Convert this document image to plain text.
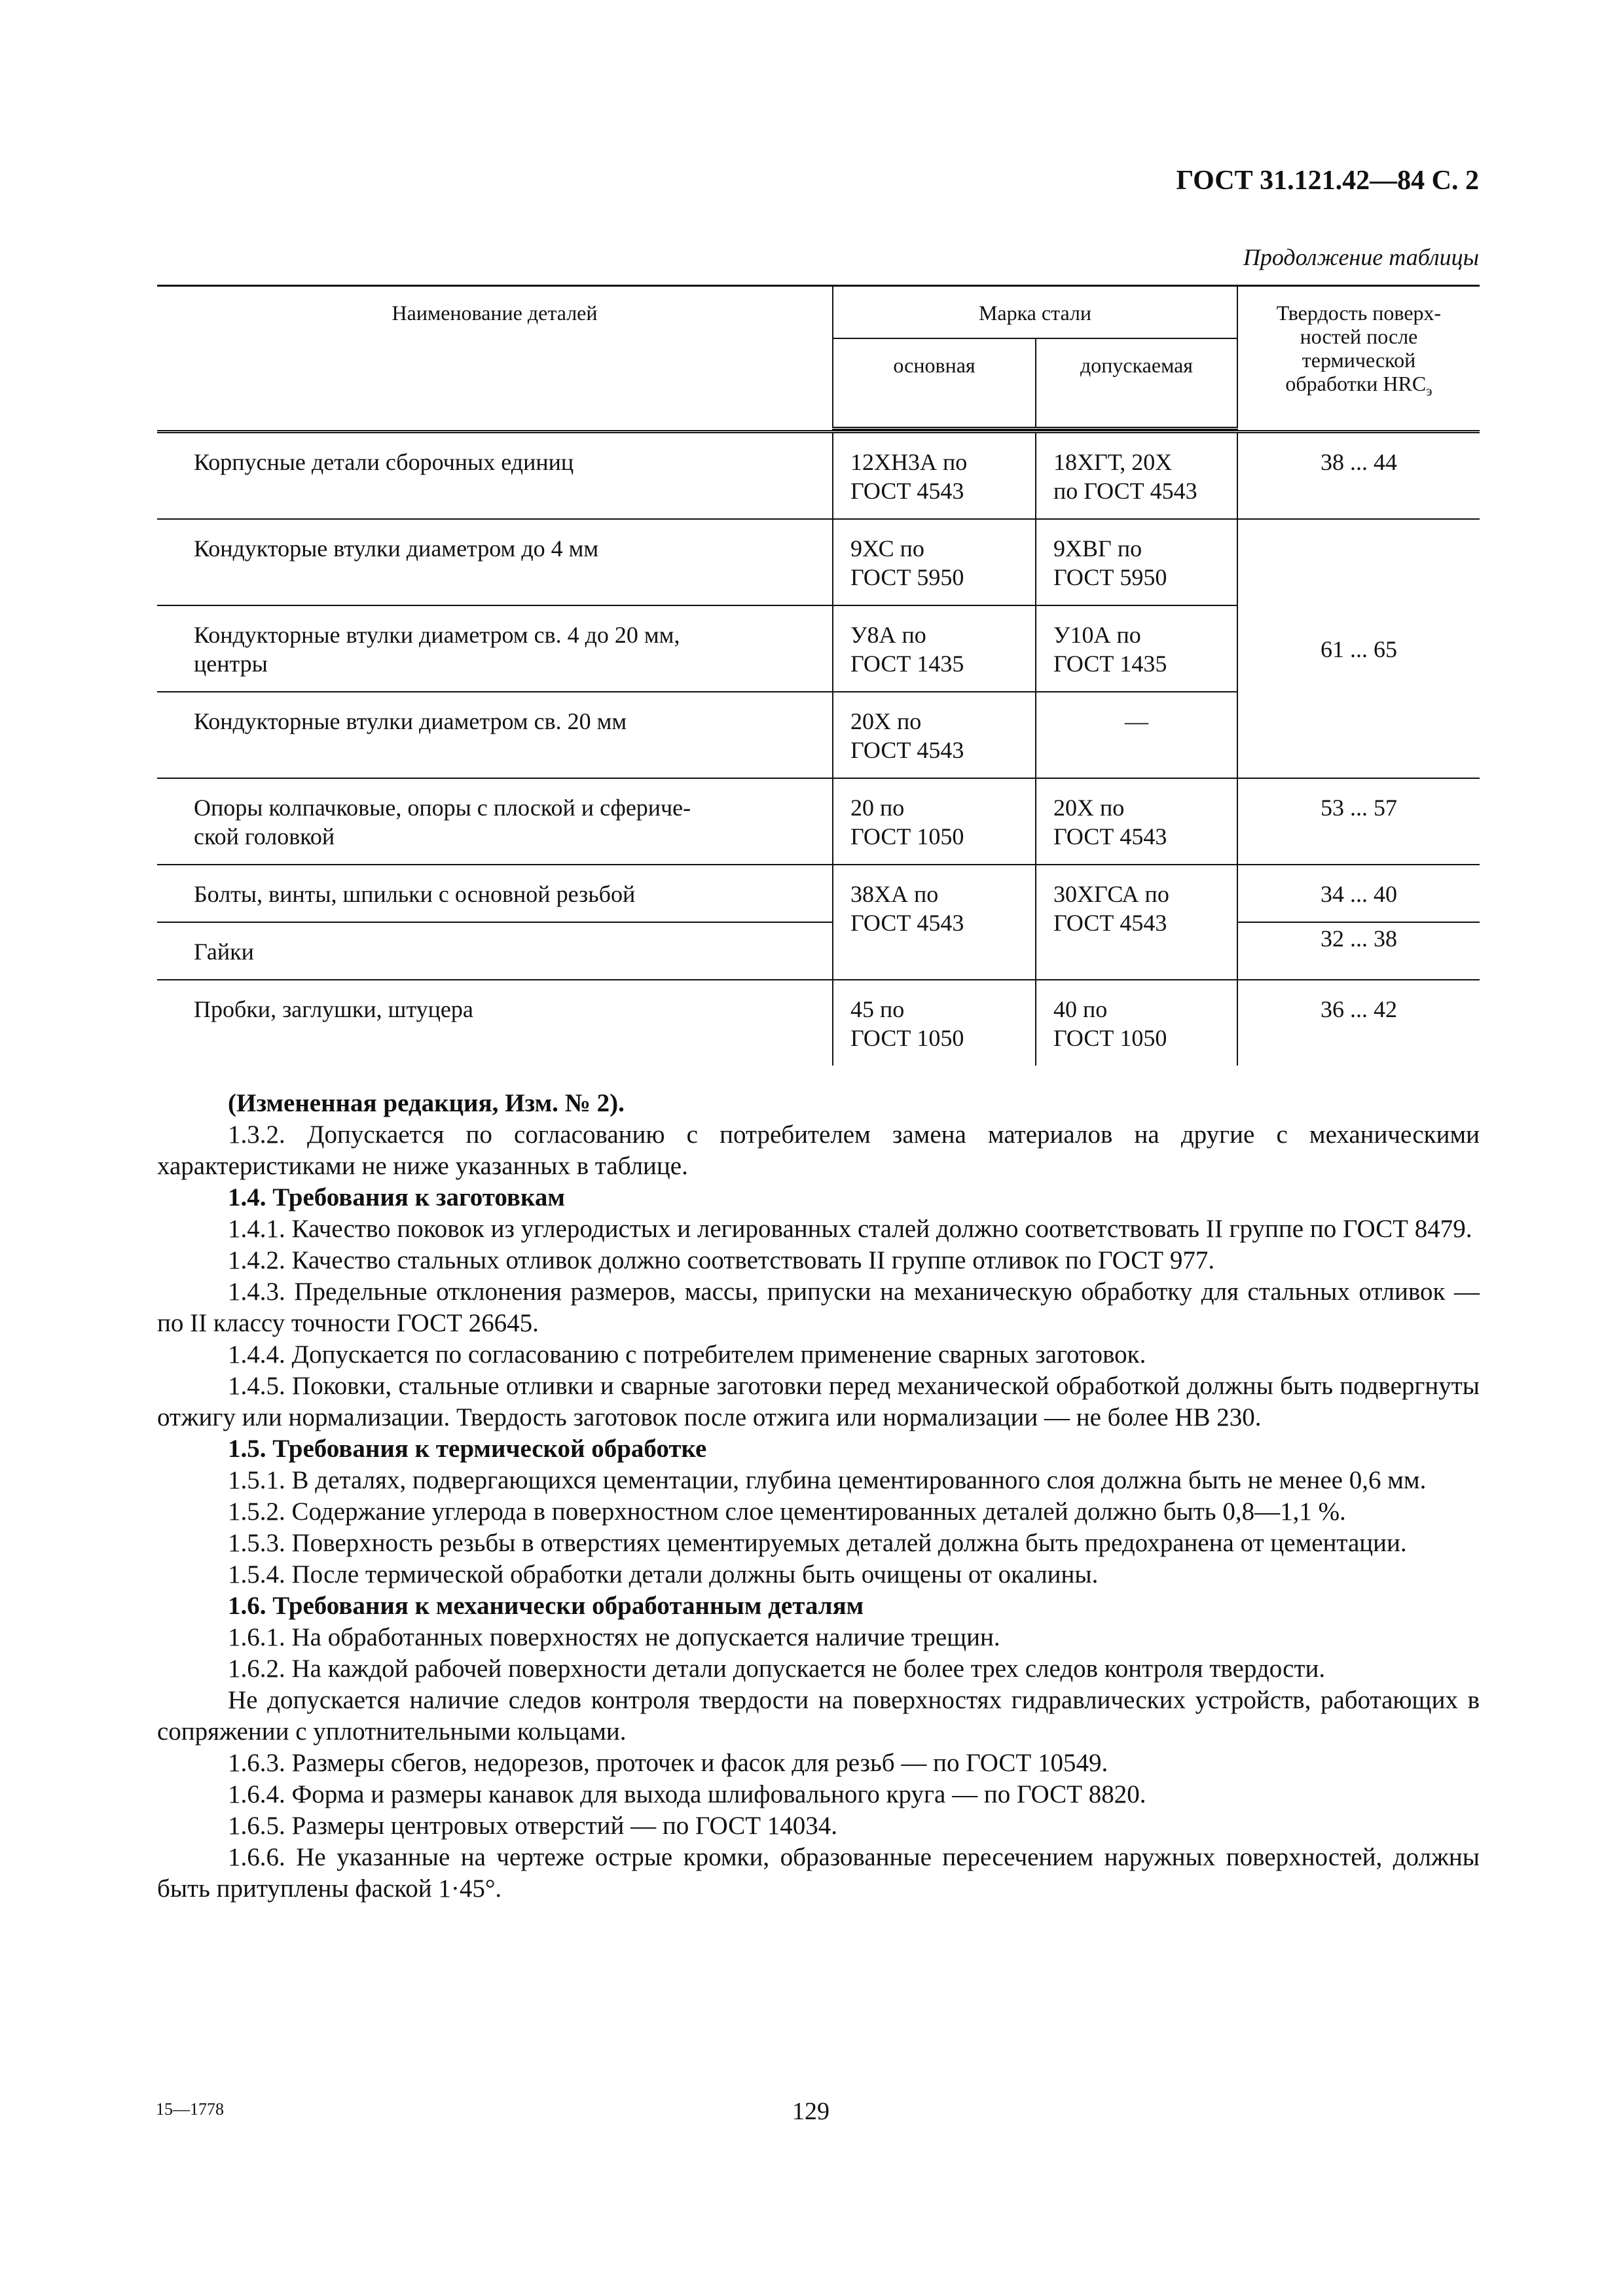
ГОСТ 31.121.42—84 С. 2
Продолжение таблицы
Наименование деталей	Марка стали		Твердость поверх-
ностей после
термической
обработки $HRC_э$
	основная	допускаемая	

Корпусные детали сборочных единиц	12ХН3А по
ГОСТ 4543	18ХГТ, 20Х
по ГОСТ 4543	38 ... 44
Кондукторые втулки диаметром до 4 мм	9ХС по
ГОСТ 5950	9ХВГ по
ГОСТ 5950	61 ... 65
Кондукторные втулки диаметром св. 4 до 20 мм,
центры	У8А по
ГОСТ 1435	У10А по
ГОСТ 1435	
Кондукторные втулки диаметром св. 20 мм	20Х по
ГОСТ 4543	—	
Опоры колпачковые, опоры с плоской и сфериче-
ской головкой	20 по
ГОСТ 1050	20Х по
ГОСТ 4543	53 ... 57
Болты, винты, шпильки с основной резьбой	38ХА по
ГОСТ 4543	30ХГСА по
ГОСТ 4543	34 ... 40
Гайки			32 ... 38
Пробки, заглушки, штуцера	45 по
ГОСТ 1050	40 по
ГОСТ 1050	36 ... 42

(Измененная редакция, Изм. № 2).

1.3.2. Допускается по согласованию с потребителем замена материалов на другие с механическими характеристиками не ниже указанных в таблице.

1.4. Требования к заготовкам

1.4.1. Качество поковок из углеродистых и легированных сталей должно соответствовать II группе по ГОСТ 8479.

1.4.2. Качество стальных отливок должно соответствовать II группе отливок по ГОСТ 977.

1.4.3. Предельные отклонения размеров, массы, припуски на механическую обработку для стальных отливок — по II классу точности ГОСТ 26645.

1.4.4. Допускается по согласованию с потребителем применение сварных заготовок.

1.4.5. Поковки, стальные отливки и сварные заготовки перед механической обработкой должны быть подвергнуты отжигу или нормализации. Твердость заготовок после отжига или нормализации — не более НВ 230.

1.5. Требования к термической обработке

1.5.1. В деталях, подвергающихся цементации, глубина цементированного слоя должна быть не менее 0,6 мм.

1.5.2. Содержание углерода в поверхностном слое цементированных деталей должно быть 0,8—1,1 %.

1.5.3. Поверхность резьбы в отверстиях цементируемых деталей должна быть предохранена от цементации.

1.5.4. После термической обработки детали должны быть очищены от окалины.

1.6. Требования к механически обработанным деталям

1.6.1. На обработанных поверхностях не допускается наличие трещин.

1.6.2. На каждой рабочей поверхности детали допускается не более трех следов контроля твердости.

Не допускается наличие следов контроля твердости на поверхностях гидравлических устройств, работающих в сопряжении с уплотнительными кольцами.

1.6.3. Размеры сбегов, недорезов, проточек и фасок для резьб — по ГОСТ 10549.

1.6.4. Форма и размеры канавок для выхода шлифовального круга — по ГОСТ 8820.

1.6.5. Размеры центровых отверстий — по ГОСТ 14034.

1.6.6. Не указанные на чертеже острые кромки, образованные пересечением наружных поверхностей, должны быть притуплены фаской 1·45°.

15—1778	129
